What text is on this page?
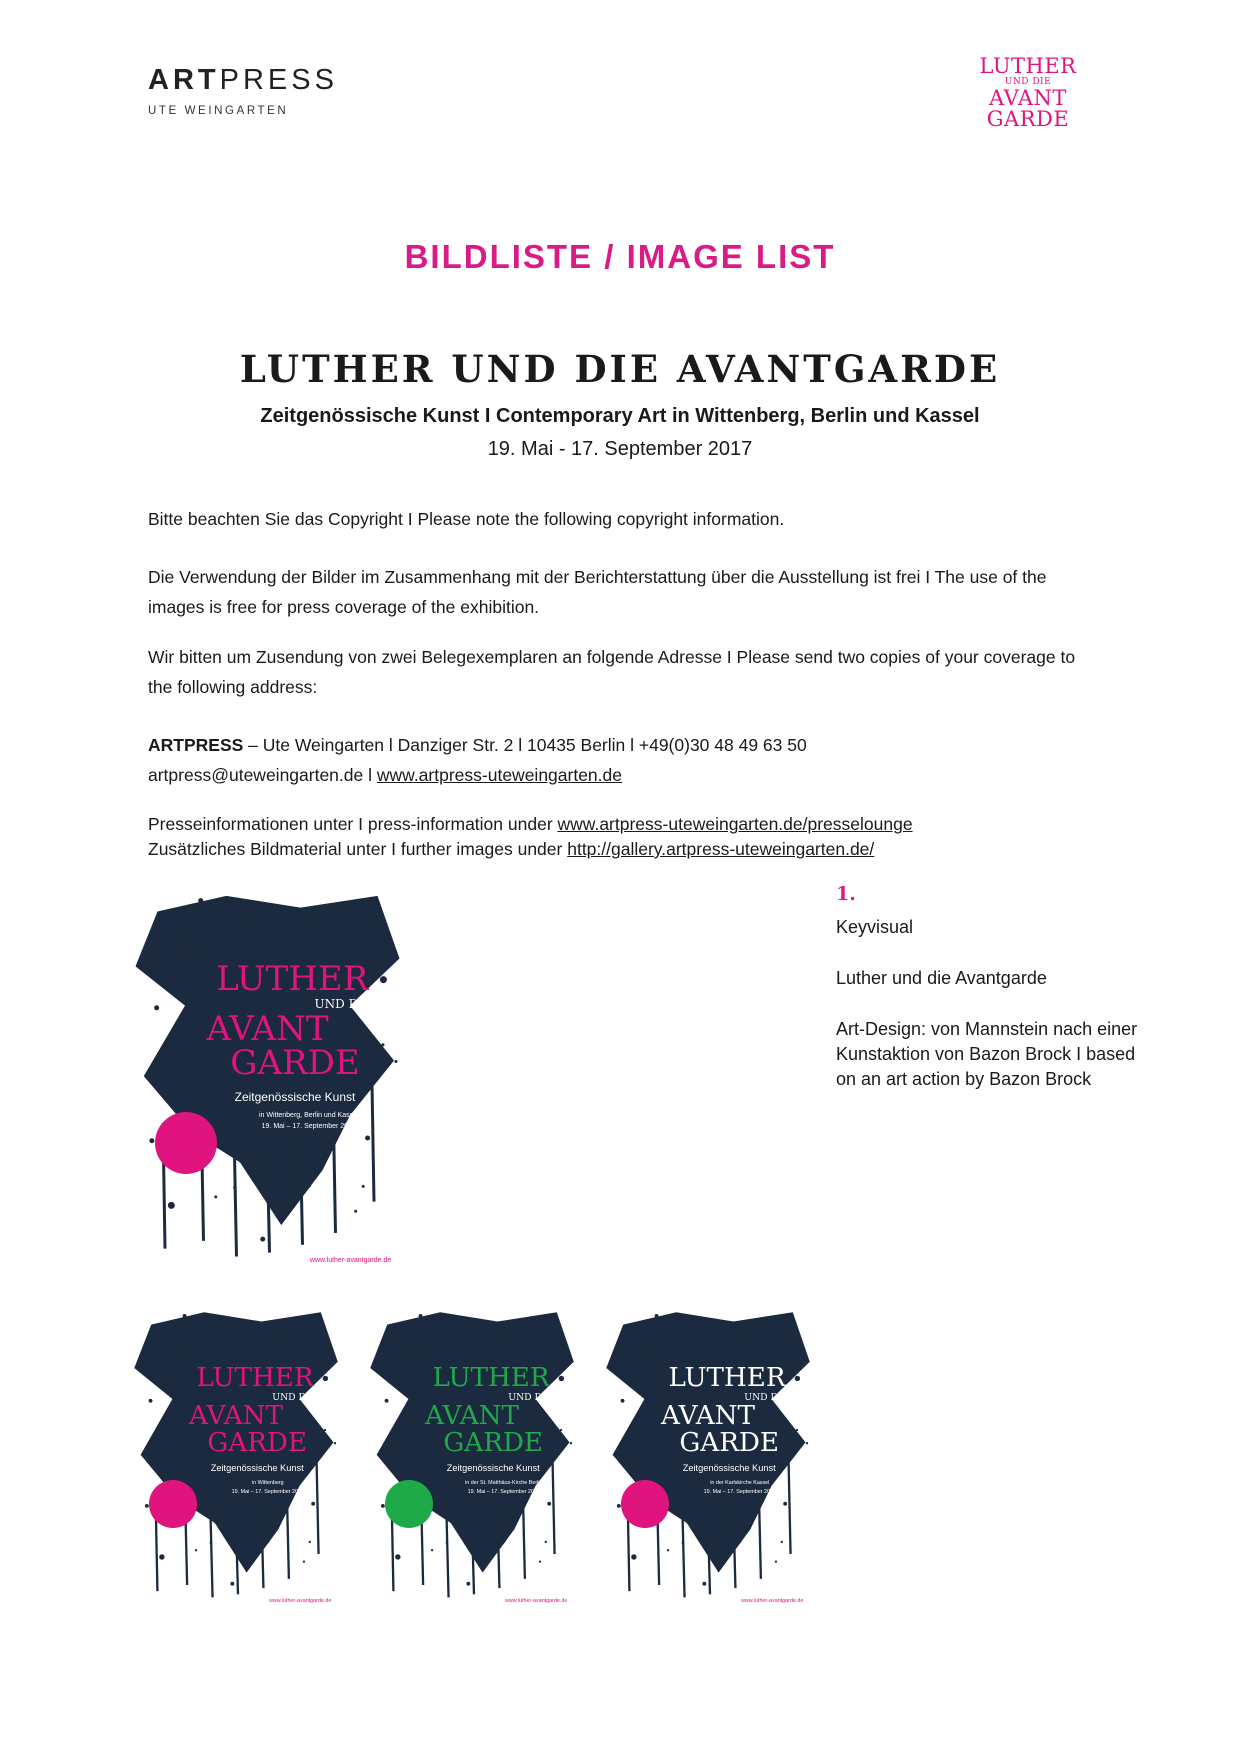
ARTPRESS
UTE WEINGARTEN
LUTHER
UND DIE
AVANT
GARDE
BILDLISTE / IMAGE LIST
LUTHER UND DIE AVANTGARDE
Zeitgenössische Kunst I Contemporary Art in Wittenberg, Berlin und Kassel
19. Mai - 17. September 2017
Bitte beachten Sie das Copyright I Please note the following copyright information.
Die Verwendung der Bilder im Zusammenhang mit der Berichterstattung über die Ausstellung ist frei I The use of the images is free for press coverage of the exhibition.
Wir bitten um Zusendung von zwei Belegexemplaren an folgende Adresse I Please send two copies of your coverage to the following address:
ARTPRESS – Ute Weingarten l Danziger Str. 2 l 10435 Berlin l +49(0)30 48 49 63 50
artpress@uteweingarten.de l www.artpress-uteweingarten.de
Presseinformationen unter I press-information under www.artpress-uteweingarten.de/presselounge
Zusätzliches Bildmaterial unter I further images under http://gallery.artpress-uteweingarten.de/
LUTHER
UND DIE
AVANT
GARDE
Zeitgenössische Kunst
in Wittenberg, Berlin und Kassel
19. Mai – 17. September 2017
www.luther-avantgarde.de
LUTHER
UND DIE
AVANT
GARDE
Zeitgenössische Kunst
in Wittenberg
19. Mai – 17. September 2017
www.luther-avantgarde.de
LUTHER
UND DIE
AVANT
GARDE
Zeitgenössische Kunst
in der St. Matthäus-Kirche Berlin
19. Mai – 17. September 2017
www.luther-avantgarde.de
LUTHER
UND DIE
AVANT
GARDE
Zeitgenössische Kunst
in der Karlskirche Kassel
19. Mai – 17. September 2017
www.luther-avantgarde.de
1.
Keyvisual
Luther und die Avantgarde
Art-Design: von Mannstein nach einer Kunstaktion von Bazon Brock I based on an art action by Bazon Brock
